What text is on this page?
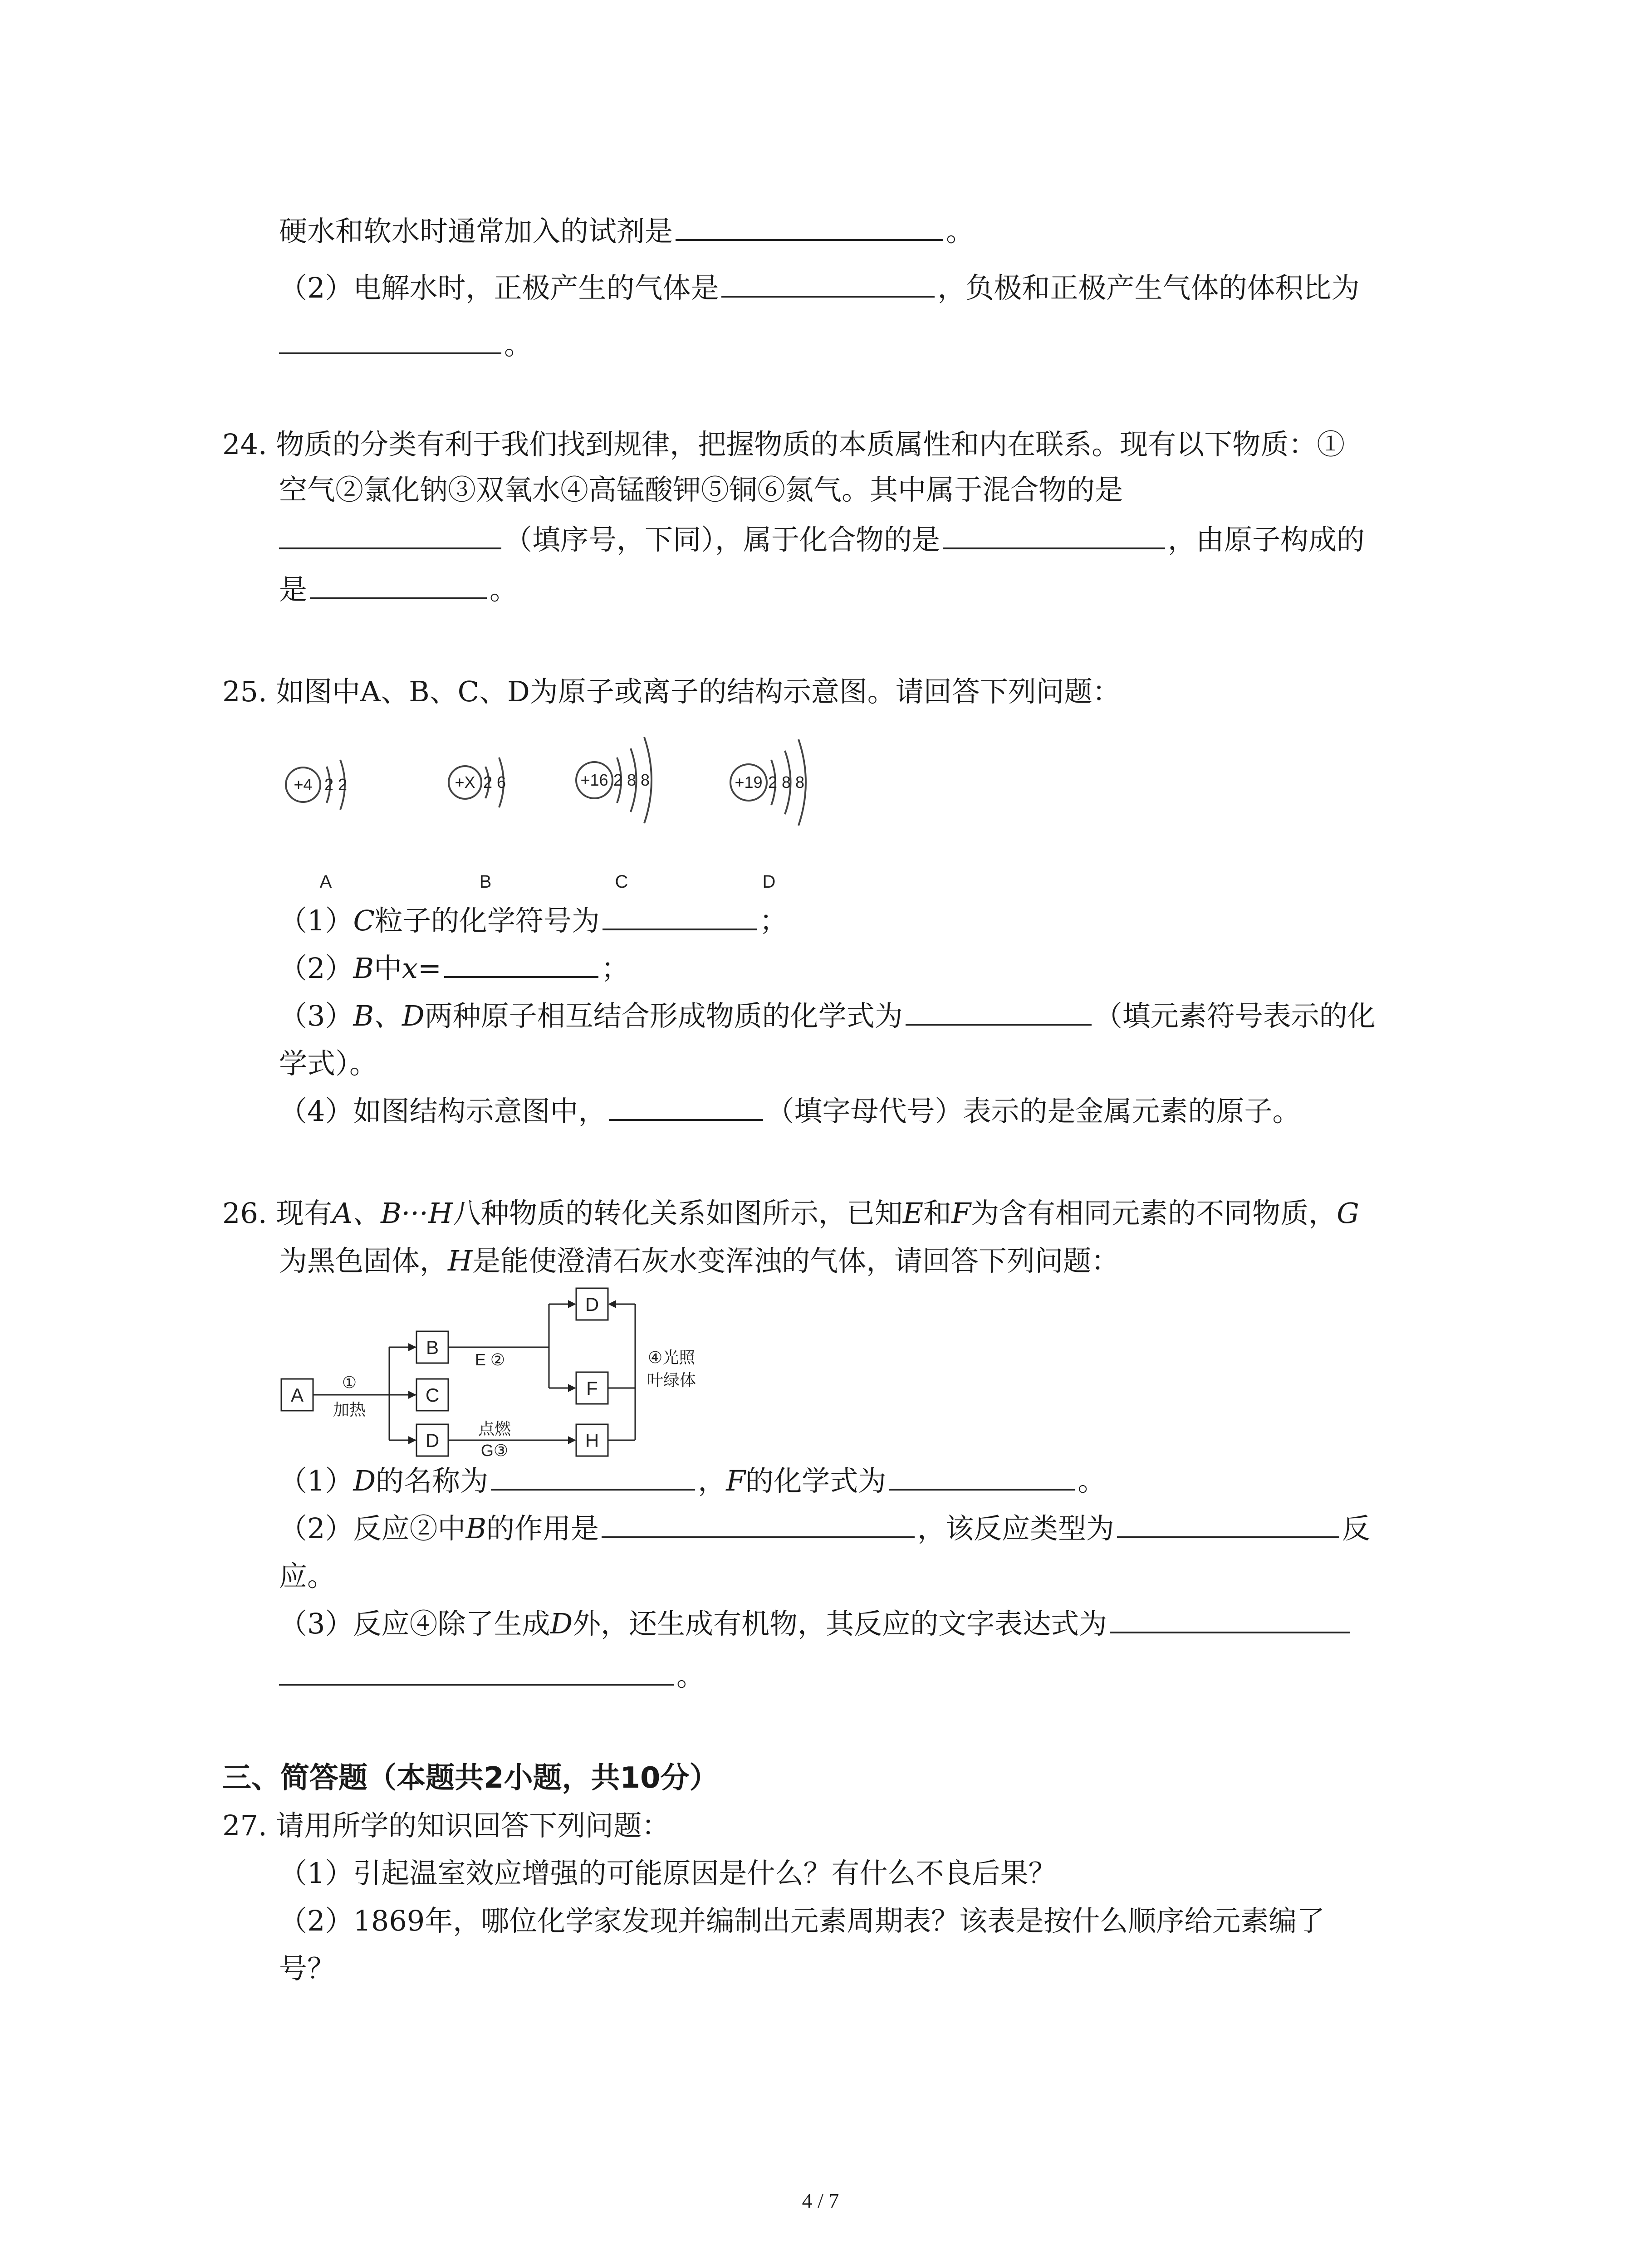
硬水和软水时通常加入的试剂是	。
（2）电解水时，正极产生的气体是	，负极和正极产生气体的体积比为
。
24. 物质的分类有利于我们找到规律，把握物质的本质属性和内在联系。现有以下物质：①
空气②氯化钠③双氧水④高锰酸钾⑤铜⑥氮气。其中属于混合物的是
（填序号，下同），属于化合物的是	，由原子构成的
是	。
25. 如图中A、B、C、D为原子或离子的结构示意图。请回答下列问题：
+4 2 2	+X 2 6	+16 2 8 8	+19 2 8 8
A	B	C	D
（1）C粒子的化学符号为	；
（2）B中x=	；
（3）B、D两种原子相互结合形成物质的化学式为	（填元素符号表示的化
学式）。
（4）如图结构示意图中，	（填字母代号）表示的是金属元素的原子。
26. 现有A、B···H八种物质的转化关系如图所示，已知E和F为含有相同元素的不同物质，G
为黑色固体，H是能使澄清石灰水变浑浊的气体，请回答下列问题：
A
B
C
D
D
F
H
①
加热
E ②
点燃
G③
④光照
叶绿体
（1）D的名称为	，F的化学式为	。
（2）反应②中B的作用是	，该反应类型为	反
应。
（3）反应④除了生成D外，还生成有机物，其反应的文字表达式为
。
三、简答题（本题共2小题，共10分）
27. 请用所学的知识回答下列问题：
（1）引起温室效应增强的可能原因是什么？有什么不良后果？
（2）1869年，哪位化学家发现并编制出元素周期表？该表是按什么顺序给元素编了
号？
4 / 7
